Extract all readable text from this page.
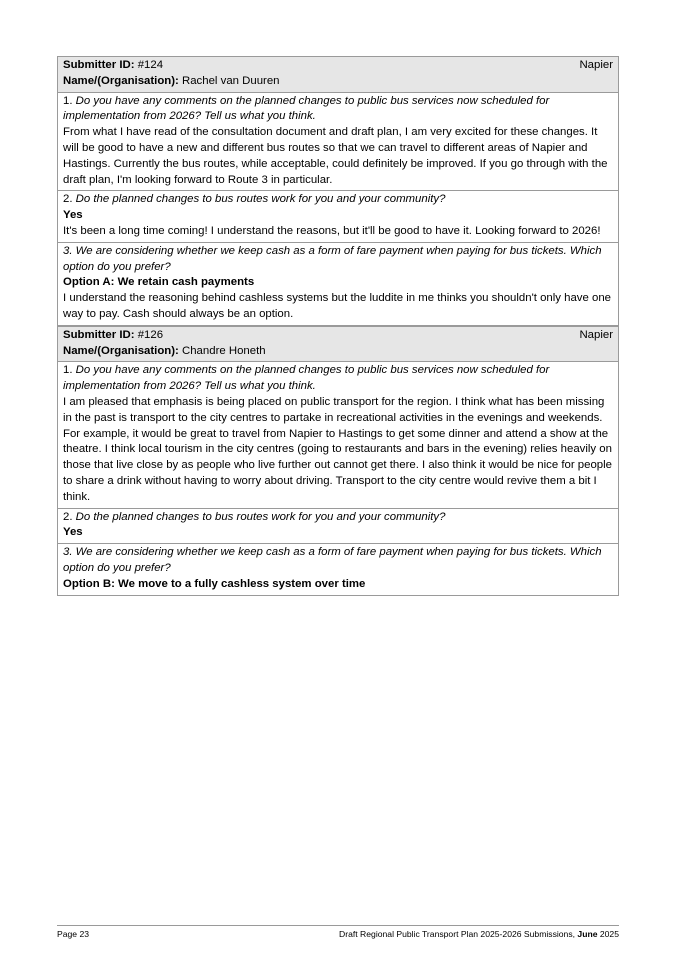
Submitter ID: #124	Napier
Name/(Organisation): Rachel van Duuren

1. Do you have any comments on the planned changes to public bus services now scheduled for implementation from 2026? Tell us what you think.

From what I have read of the consultation document and draft plan, I am very excited for these changes. It will be good to have a new and different bus routes so that we can travel to different areas of Napier and Hastings. Currently the bus routes, while acceptable, could definitely be improved. If you go through with the draft plan, I'm looking forward to Route 3 in particular.

2. Do the planned changes to bus routes work for you and your community?

Yes

It's been a long time coming! I understand the reasons, but it'll be good to have it. Looking forward to 2026!

3. We are considering whether we keep cash as a form of fare payment when paying for bus tickets. Which option do you prefer?

Option A: We retain cash payments

I understand the reasoning behind cashless systems but the luddite in me thinks you shouldn't only have one way to pay. Cash should always be an option.

Submitter ID: #126	Napier
Name/(Organisation): Chandre Honeth

1. Do you have any comments on the planned changes to public bus services now scheduled for implementation from 2026? Tell us what you think.

I am pleased that emphasis is being placed on public transport for the region. I think what has been missing in the past is transport to the city centres to partake in recreational activities in the evenings and weekends. For example, it would be great to travel from Napier to Hastings to get some dinner and attend a show at the theatre. I think local tourism in the city centres (going to restaurants and bars in the evening) relies heavily on those that live close by as people who live further out cannot get there. I also think it would be nice for people to share a drink without having to worry about driving. Transport to the city centre would revive them a bit I think.

2. Do the planned changes to bus routes work for you and your community?

Yes

3. We are considering whether we keep cash as a form of fare payment when paying for bus tickets. Which option do you prefer?

Option B: We move to a fully cashless system over time

Page 23	Draft Regional Public Transport Plan 2025-2026 Submissions, June 2025
